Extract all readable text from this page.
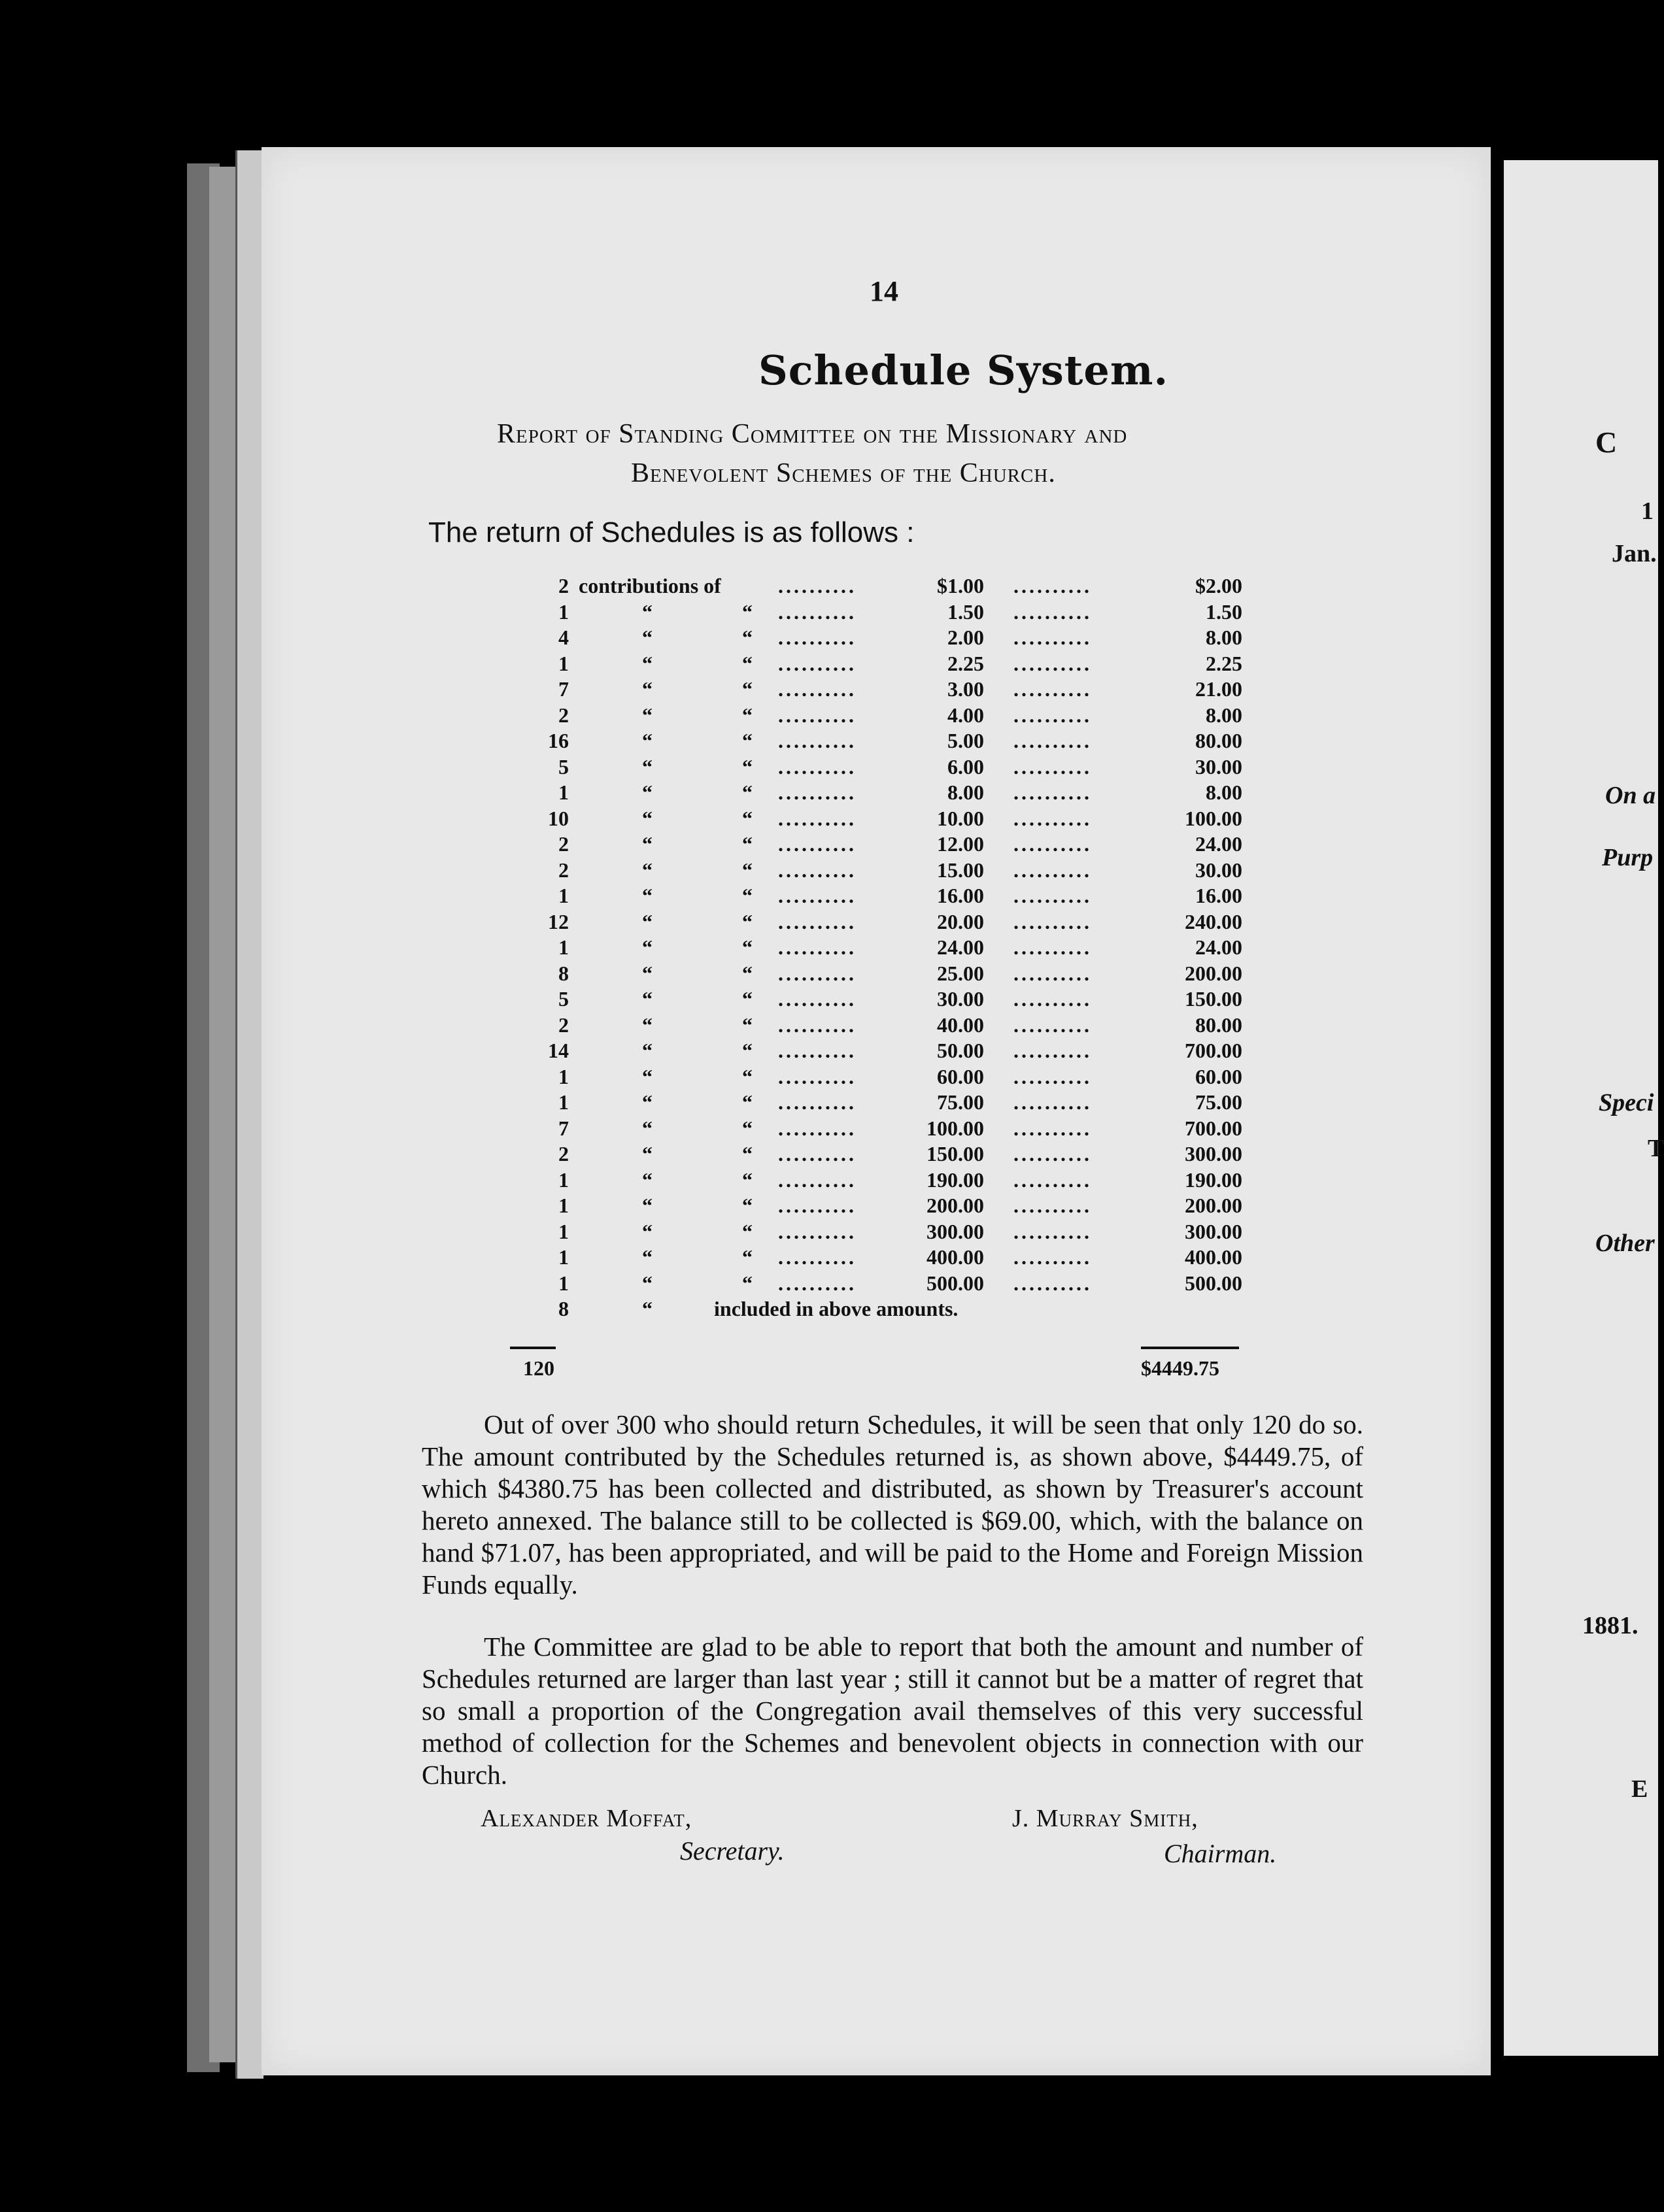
14
Schedule System.
Report of Standing Committee on the Missionary and
Benevolent Schemes of the Church.
The return of Schedules is as follows :
2 contributions of	..........	$1.00 ..........	$2.00
1	“	“ ..........	1.50 ..........	1.50
4	“	“ ..........	2.00 ..........	8.00
1	“	“ ..........	2.25 ..........	2.25
7	“	“ ..........	3.00 ..........	21.00
2	“	“ ..........	4.00 ..........	8.00
16	“	“ ..........	5.00 ..........	80.00
5	“	“ ..........	6.00 ..........	30.00
1	“	“ ..........	8.00 ..........	8.00
10	“	“ ..........	10.00 ..........	100.00
2	“	“ ..........	12.00 ..........	24.00
2	“	“ ..........	15.00 ..........	30.00
1	“	“ ..........	16.00 ..........	16.00
12	“	“ ..........	20.00 ..........	240.00
1	“	“ ..........	24.00 ..........	24.00
8	“	“ ..........	25.00 ..........	200.00
5	“	“ ..........	30.00 ..........	150.00
2	“	“ ..........	40.00 ..........	80.00
14	“	“ ..........	50.00 ..........	700.00
1	“	“ ..........	60.00 ..........	60.00
1	“	“ ..........	75.00 ..........	75.00
7	“	“ ..........	100.00 ..........	700.00
2	“	“ ..........	150.00 ..........	300.00
1	“	“ ..........	190.00 ..........	190.00
1	“	“ ..........	200.00 ..........	200.00
1	“	“ ..........	300.00 ..........	300.00
1	“	“ ..........	400.00 ..........	400.00
1	“	“ ..........	500.00 ..........	500.00
8	“	included in above amounts.
120	$4449.75
Out of over 300 who should return Schedules, it will be seen that only 120 do so. The amount contributed by the Schedules returned is, as shown above, $4449.75, of which $4380.75 has been collected and distributed, as shown by Treasurer's account hereto annexed. The balance still to be collected is $69.00, which, with the balance on hand $71.07, has been appropriated, and will be paid to the Home and Foreign Mission Funds equally.
The Committee are glad to be able to report that both the amount and number of Schedules returned are larger than last year ; still it cannot but be a matter of regret that so small a proportion of the Congregation avail themselves of this very successful method of collection for the Schemes and benevolent objects in connection with our Church.
Alexander Moffat,
Secretary.
J. Murray Smith,
Chairman.
C
1
Jan.
On a
Purp
Speci
T
Other
1881.
E
